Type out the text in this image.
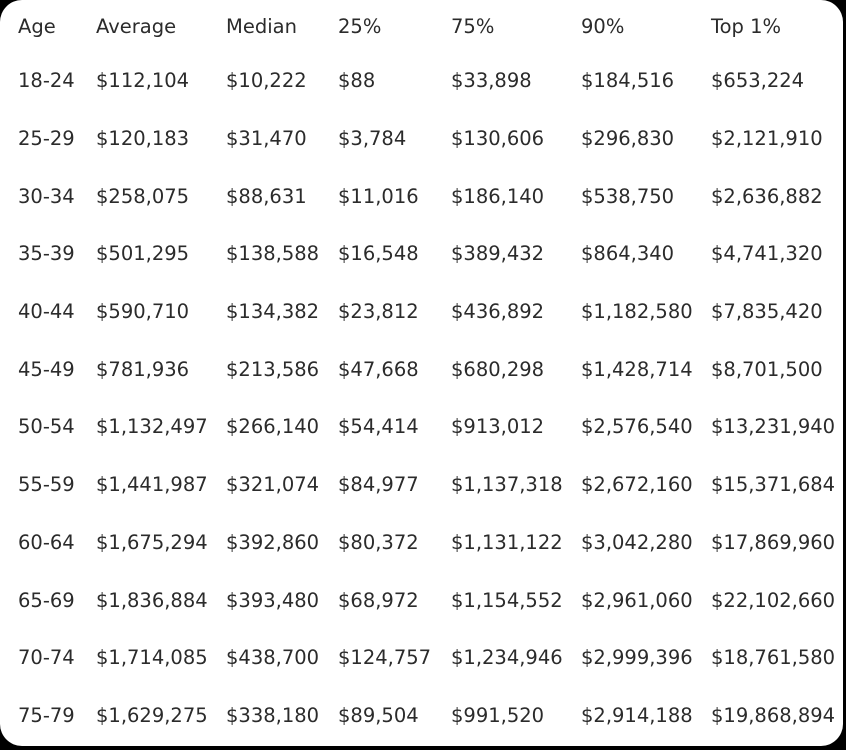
Age	Average	Median	25%	75%	90%	Top 1%
18-24	$112,104	$10,222	$88	$33,898	$184,516	$653,224
25-29	$120,183	$31,470	$3,784	$130,606	$296,830	$2,121,910
30-34	$258,075	$88,631	$11,016	$186,140	$538,750	$2,636,882
35-39	$501,295	$138,588	$16,548	$389,432	$864,340	$4,741,320
40-44	$590,710	$134,382	$23,812	$436,892	$1,182,580	$7,835,420
45-49	$781,936	$213,586	$47,668	$680,298	$1,428,714	$8,701,500
50-54	$1,132,497	$266,140	$54,414	$913,012	$2,576,540	$13,231,940
55-59	$1,441,987	$321,074	$84,977	$1,137,318	$2,672,160	$15,371,684
60-64	$1,675,294	$392,860	$80,372	$1,131,122	$3,042,280	$17,869,960
65-69	$1,836,884	$393,480	$68,972	$1,154,552	$2,961,060	$22,102,660
70-74	$1,714,085	$438,700	$124,757	$1,234,946	$2,999,396	$18,761,580
75-79	$1,629,275	$338,180	$89,504	$991,520	$2,914,188	$19,868,894
